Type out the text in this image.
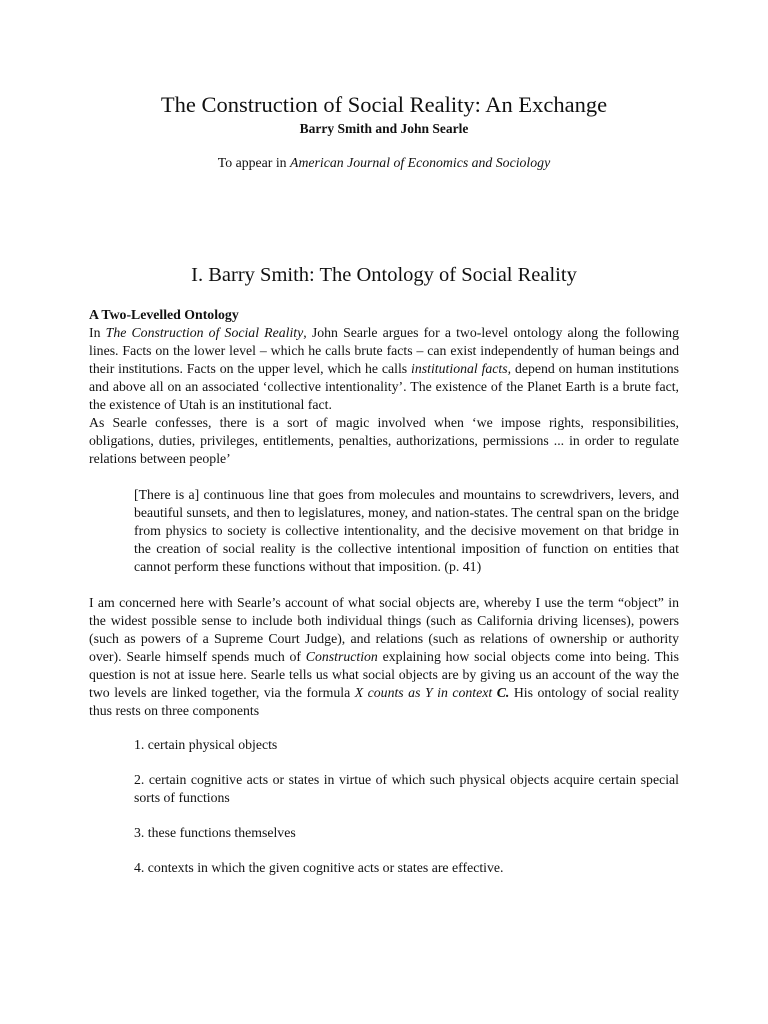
The Construction of Social Reality: An Exchange
Barry Smith and John Searle
To appear in American Journal of Economics and Sociology
I. Barry Smith: The Ontology of Social Reality

A Two-Levelled Ontology

In The Construction of Social Reality, John Searle argues for a two-level ontology along the following lines. Facts on the lower level – which he calls brute facts – can exist independently of human beings and their institutions. Facts on the upper level, which he calls institutional facts, depend on human institutions and above all on an associated ‘collective intentionality’. The existence of the Planet Earth is a brute fact, the existence of Utah is an institutional fact.

As Searle confesses, there is a sort of magic involved when ‘we impose rights, responsibilities, obligations, duties, privileges, entitlements, penalties, authorizations, permissions ... in order to regulate relations between people’

[There is a] continuous line that goes from molecules and mountains to screwdrivers, levers, and beautiful sunsets, and then to legislatures, money, and nation-states. The central span on the bridge from physics to society is collective intentionality, and the decisive movement on that bridge in the creation of social reality is the collective intentional imposition of function on entities that cannot perform these functions without that imposition. (p. 41)

I am concerned here with Searle’s account of what social objects are, whereby I use the term “object” in the widest possible sense to include both individual things (such as California driving licenses), powers (such as powers of a Supreme Court Judge), and relations (such as relations of ownership or authority over). Searle himself spends much of Construction explaining how social objects come into being. This question is not at issue here. Searle tells us what social objects are by giving us an account of the way the two levels are linked together, via the formula X counts as Y in context C. His ontology of social reality thus rests on three components

1. certain physical objects
2. certain cognitive acts or states in virtue of which such physical objects acquire certain special sorts of functions
3. these functions themselves
4. contexts in which the given cognitive acts or states are effective.
